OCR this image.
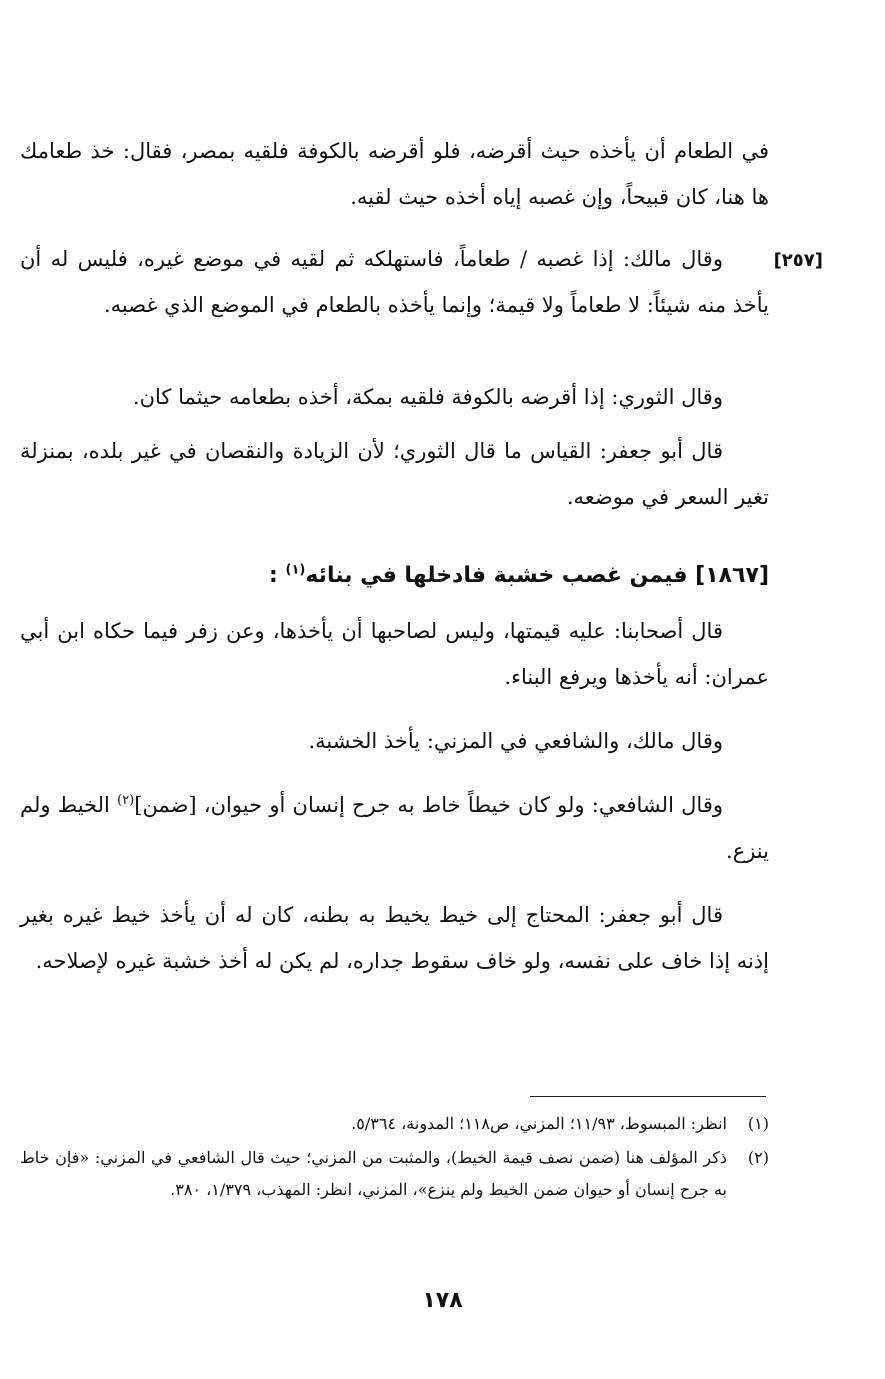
في الطعام أن يأخذه حيث أقرضه، فلو أقرضه بالكوفة فلقيه بمصر، فقال: خذ طعامك ها هنا، كان قبيحاً، وإن غصبه إياه أخذه حيث لقيه.

[٢٥٧]

وقال مالك: إذا غصبه / طعاماً، فاستهلكه ثم لقيه في موضع غيره، فليس له أن يأخذ منه شيئاً: لا طعاماً ولا قيمة؛ وإنما يأخذه بالطعام في الموضع الذي غصبه.

وقال الثوري: إذا أقرضه بالكوفة فلقيه بمكة، أخذه بطعامه حيثما كان.

قال أبو جعفر: القياس ما قال الثوري؛ لأن الزيادة والنقصان في غير بلده، بمنزلة تغير السعر في موضعه.

[١٨٦٧] فيمن غصب خشبة فادخلها في بنائه$^{(١)}$ :

قال أصحابنا: عليه قيمتها، وليس لصاحبها أن يأخذها، وعن زفر فيما حكاه ابن أبي عمران: أنه يأخذها ويرفع البناء.

وقال مالك، والشافعي في المزني: يأخذ الخشبة.

وقال الشافعي: ولو كان خيطاً خاط به جرح إنسان أو حيوان، [ضمن]$^{(٢)}$ الخيط ولم ينزع.

قال أبو جعفر: المحتاج إلى خيط يخيط به بطنه، كان له أن يأخذ خيط غيره بغير إذنه إذا خاف على نفسه، ولو خاف سقوط جداره، لم يكن له أخذ خشبة غيره لإصلاحه.

(١)
انظر: المبسوط، ١١/٩٣؛ المزني، ص١١٨؛ المدونة، ٥/٣٦٤.
(٢)
ذكر المؤلف هنا (ضمن نصف قيمة الخيط)، والمثبت من المزني؛ حيث قال الشافعي في المزني: «فإن خاط به جرح إنسان أو حيوان ضمن الخيط ولم ينزع»، المزني، انظر: المهذب، ١/٣٧٩، ٣٨٠.
١٧٨
